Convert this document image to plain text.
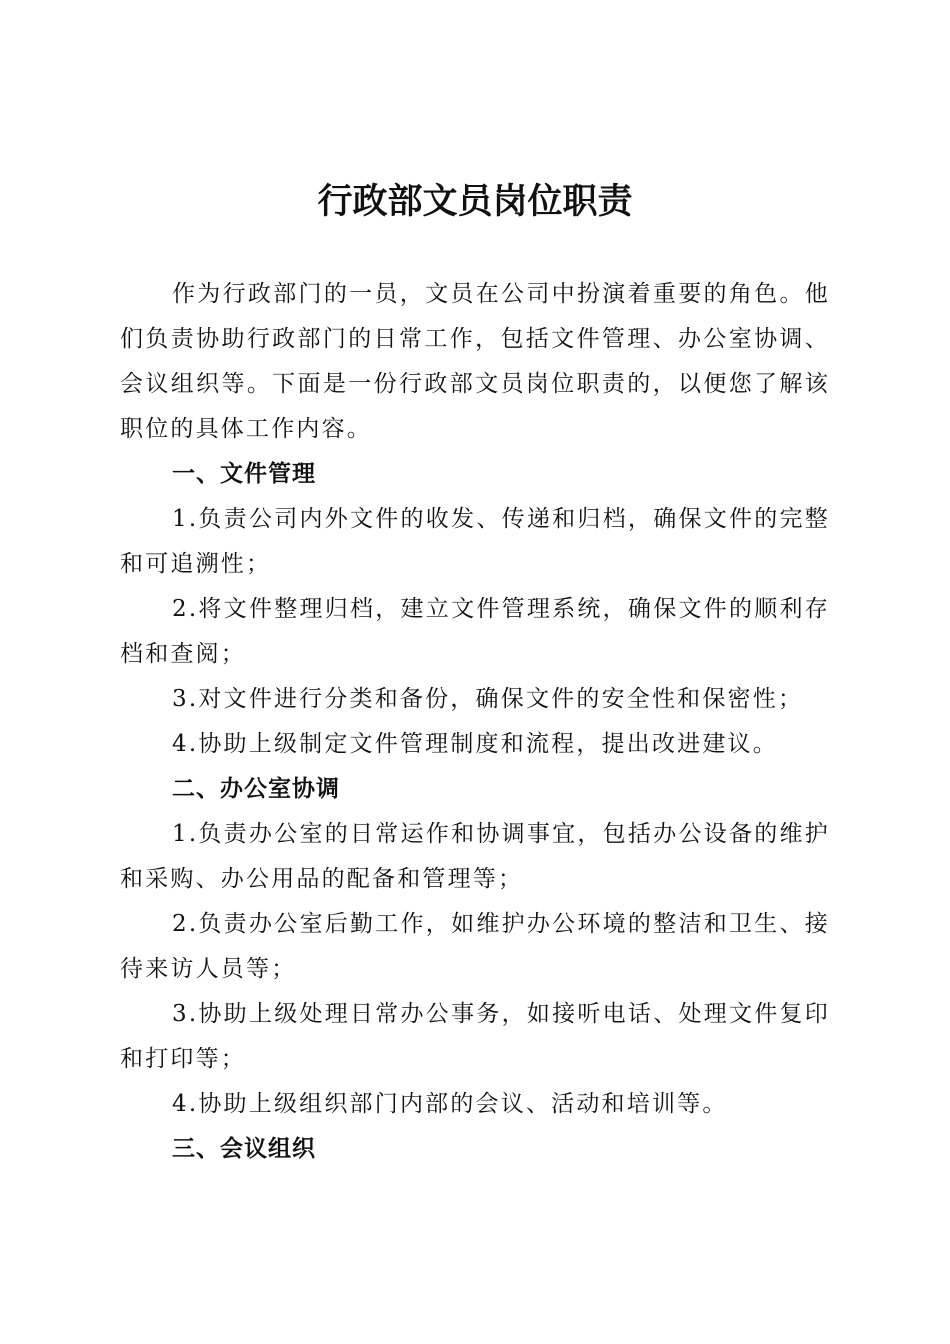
行政部文员岗位职责

作为行政部门的一员，文员在公司中扮演着重要的角色。他们负责协助行政部门的日常工作，包括文件管理、办公室协调、会议组织等。下面是一份行政部文员岗位职责的，以便您了解该职位的具体工作内容。

一、文件管理

1.负责公司内外文件的收发、传递和归档，确保文件的完整和可追溯性；

2.将文件整理归档，建立文件管理系统，确保文件的顺利存档和查阅；

3.对文件进行分类和备份，确保文件的安全性和保密性；

4.协助上级制定文件管理制度和流程，提出改进建议。

二、办公室协调

1.负责办公室的日常运作和协调事宜，包括办公设备的维护和采购、办公用品的配备和管理等；

2.负责办公室后勤工作，如维护办公环境的整洁和卫生、接待来访人员等；

3.协助上级处理日常办公事务，如接听电话、处理文件复印和打印等；

4.协助上级组织部门内部的会议、活动和培训等。

三、会议组织
